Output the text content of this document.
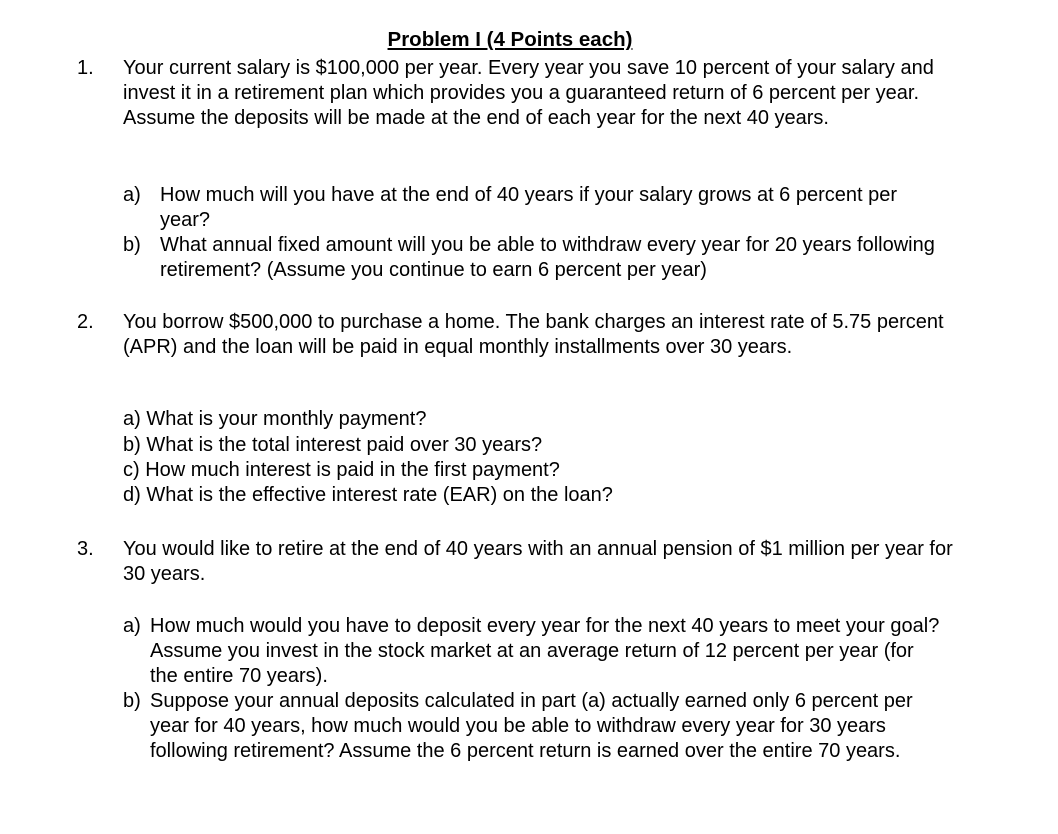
Problem I (4 Points each)
1. Your current salary is $100,000 per year. Every year you save 10 percent of your salary and invest it in a retirement plan which provides you a guaranteed return of 6 percent per year. Assume the deposits will be made at the end of each year for the next 40 years.
a) How much will you have at the end of 40 years if your salary grows at 6 percent per year?
b) What annual fixed amount will you be able to withdraw every year for 20 years following retirement? (Assume you continue to earn 6 percent per year)
2. You borrow $500,000 to purchase a home. The bank charges an interest rate of 5.75 percent (APR) and the loan will be paid in equal monthly installments over 30 years.
a) What is your monthly payment?
b) What is the total interest paid over 30 years?
c) How much interest is paid in the first payment?
d) What is the effective interest rate (EAR) on the loan?
3. You would like to retire at the end of 40 years with an annual pension of $1 million per year for 30 years.
a) How much would you have to deposit every year for the next 40 years to meet your goal? Assume you invest in the stock market at an average return of 12 percent per year (for the entire 70 years).
b) Suppose your annual deposits calculated in part (a) actually earned only 6 percent per year for 40 years, how much would you be able to withdraw every year for 30 years following retirement? Assume the 6 percent return is earned over the entire 70 years.
